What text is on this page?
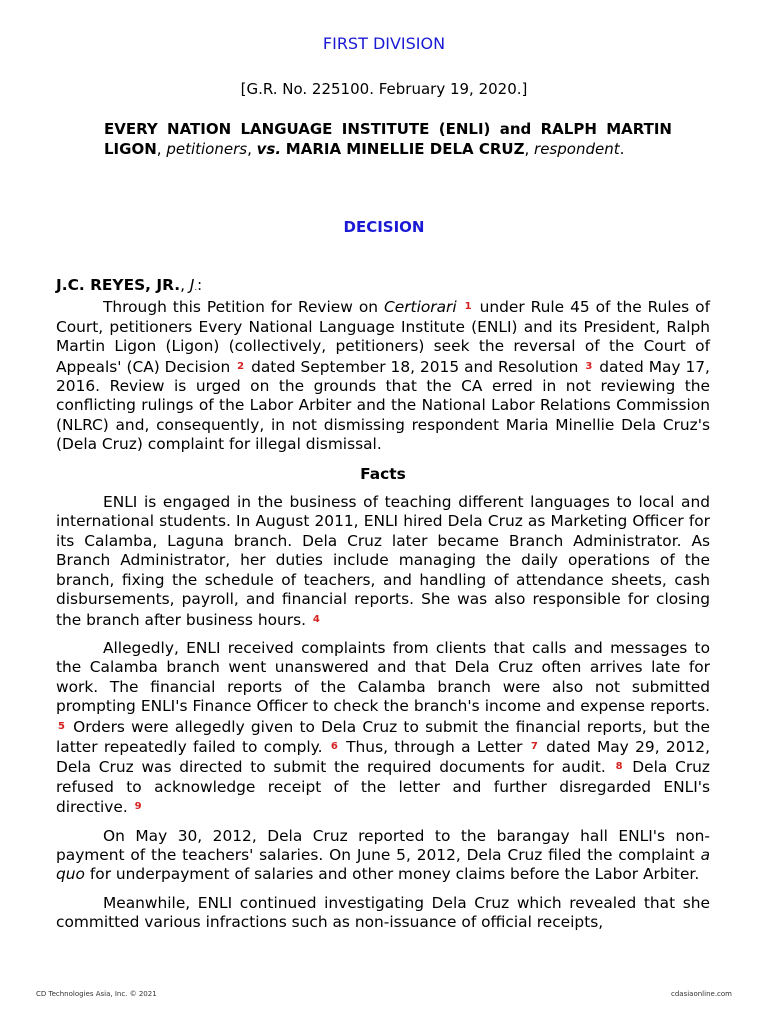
FIRST DIVISION
[G.R. No. 225100. February 19, 2020.]
EVERY NATION LANGUAGE INSTITUTE (ENLI) and RALPH MARTIN LIGON, petitioners, vs. MARIA MINELLIE DELA CRUZ, respondent.
DECISION

J.C. REYES, JR., J.:

Through this Petition for Review on Certiorari $^1$ under Rule 45 of the Rules of Court, petitioners Every National Language Institute (ENLI) and its President, Ralph Martin Ligon (Ligon) (collectively, petitioners) seek the reversal of the Court of Appeals' (CA) Decision $^2$ dated September 18, 2015 and Resolution $^3$ dated May 17, 2016. Review is urged on the grounds that the CA erred in not reviewing the conflicting rulings of the Labor Arbiter and the National Labor Relations Commission (NLRC) and, consequently, in not dismissing respondent Maria Minellie Dela Cruz's (Dela Cruz) complaint for illegal dismissal.

Facts

ENLI is engaged in the business of teaching different languages to local and international students. In August 2011, ENLI hired Dela Cruz as Marketing Officer for its Calamba, Laguna branch. Dela Cruz later became Branch Administrator. As Branch Administrator, her duties include managing the daily operations of the branch, fixing the schedule of teachers, and handling of attendance sheets, cash disbursements, payroll, and financial reports. She was also responsible for closing the branch after business hours. $^4$

Allegedly, ENLI received complaints from clients that calls and messages to the Calamba branch went unanswered and that Dela Cruz often arrives late for work. The financial reports of the Calamba branch were also not submitted prompting ENLI's Finance Officer to check the branch's income and expense reports. $^5$ Orders were allegedly given to Dela Cruz to submit the financial reports, but the latter repeatedly failed to comply. $^6$ Thus, through a Letter $^7$ dated May 29, 2012, Dela Cruz was directed to submit the required documents for audit. $^8$ Dela Cruz refused to acknowledge receipt of the letter and further disregarded ENLI's directive. $^9$

On May 30, 2012, Dela Cruz reported to the barangay hall ENLI's non-payment of the teachers' salaries. On June 5, 2012, Dela Cruz filed the complaint a quo for underpayment of salaries and other money claims before the Labor Arbiter.

Meanwhile, ENLI continued investigating Dela Cruz which revealed that she committed various infractions such as non-issuance of official receipts,

CD Technologies Asia, Inc. © 2021	cdasiaonline.com
